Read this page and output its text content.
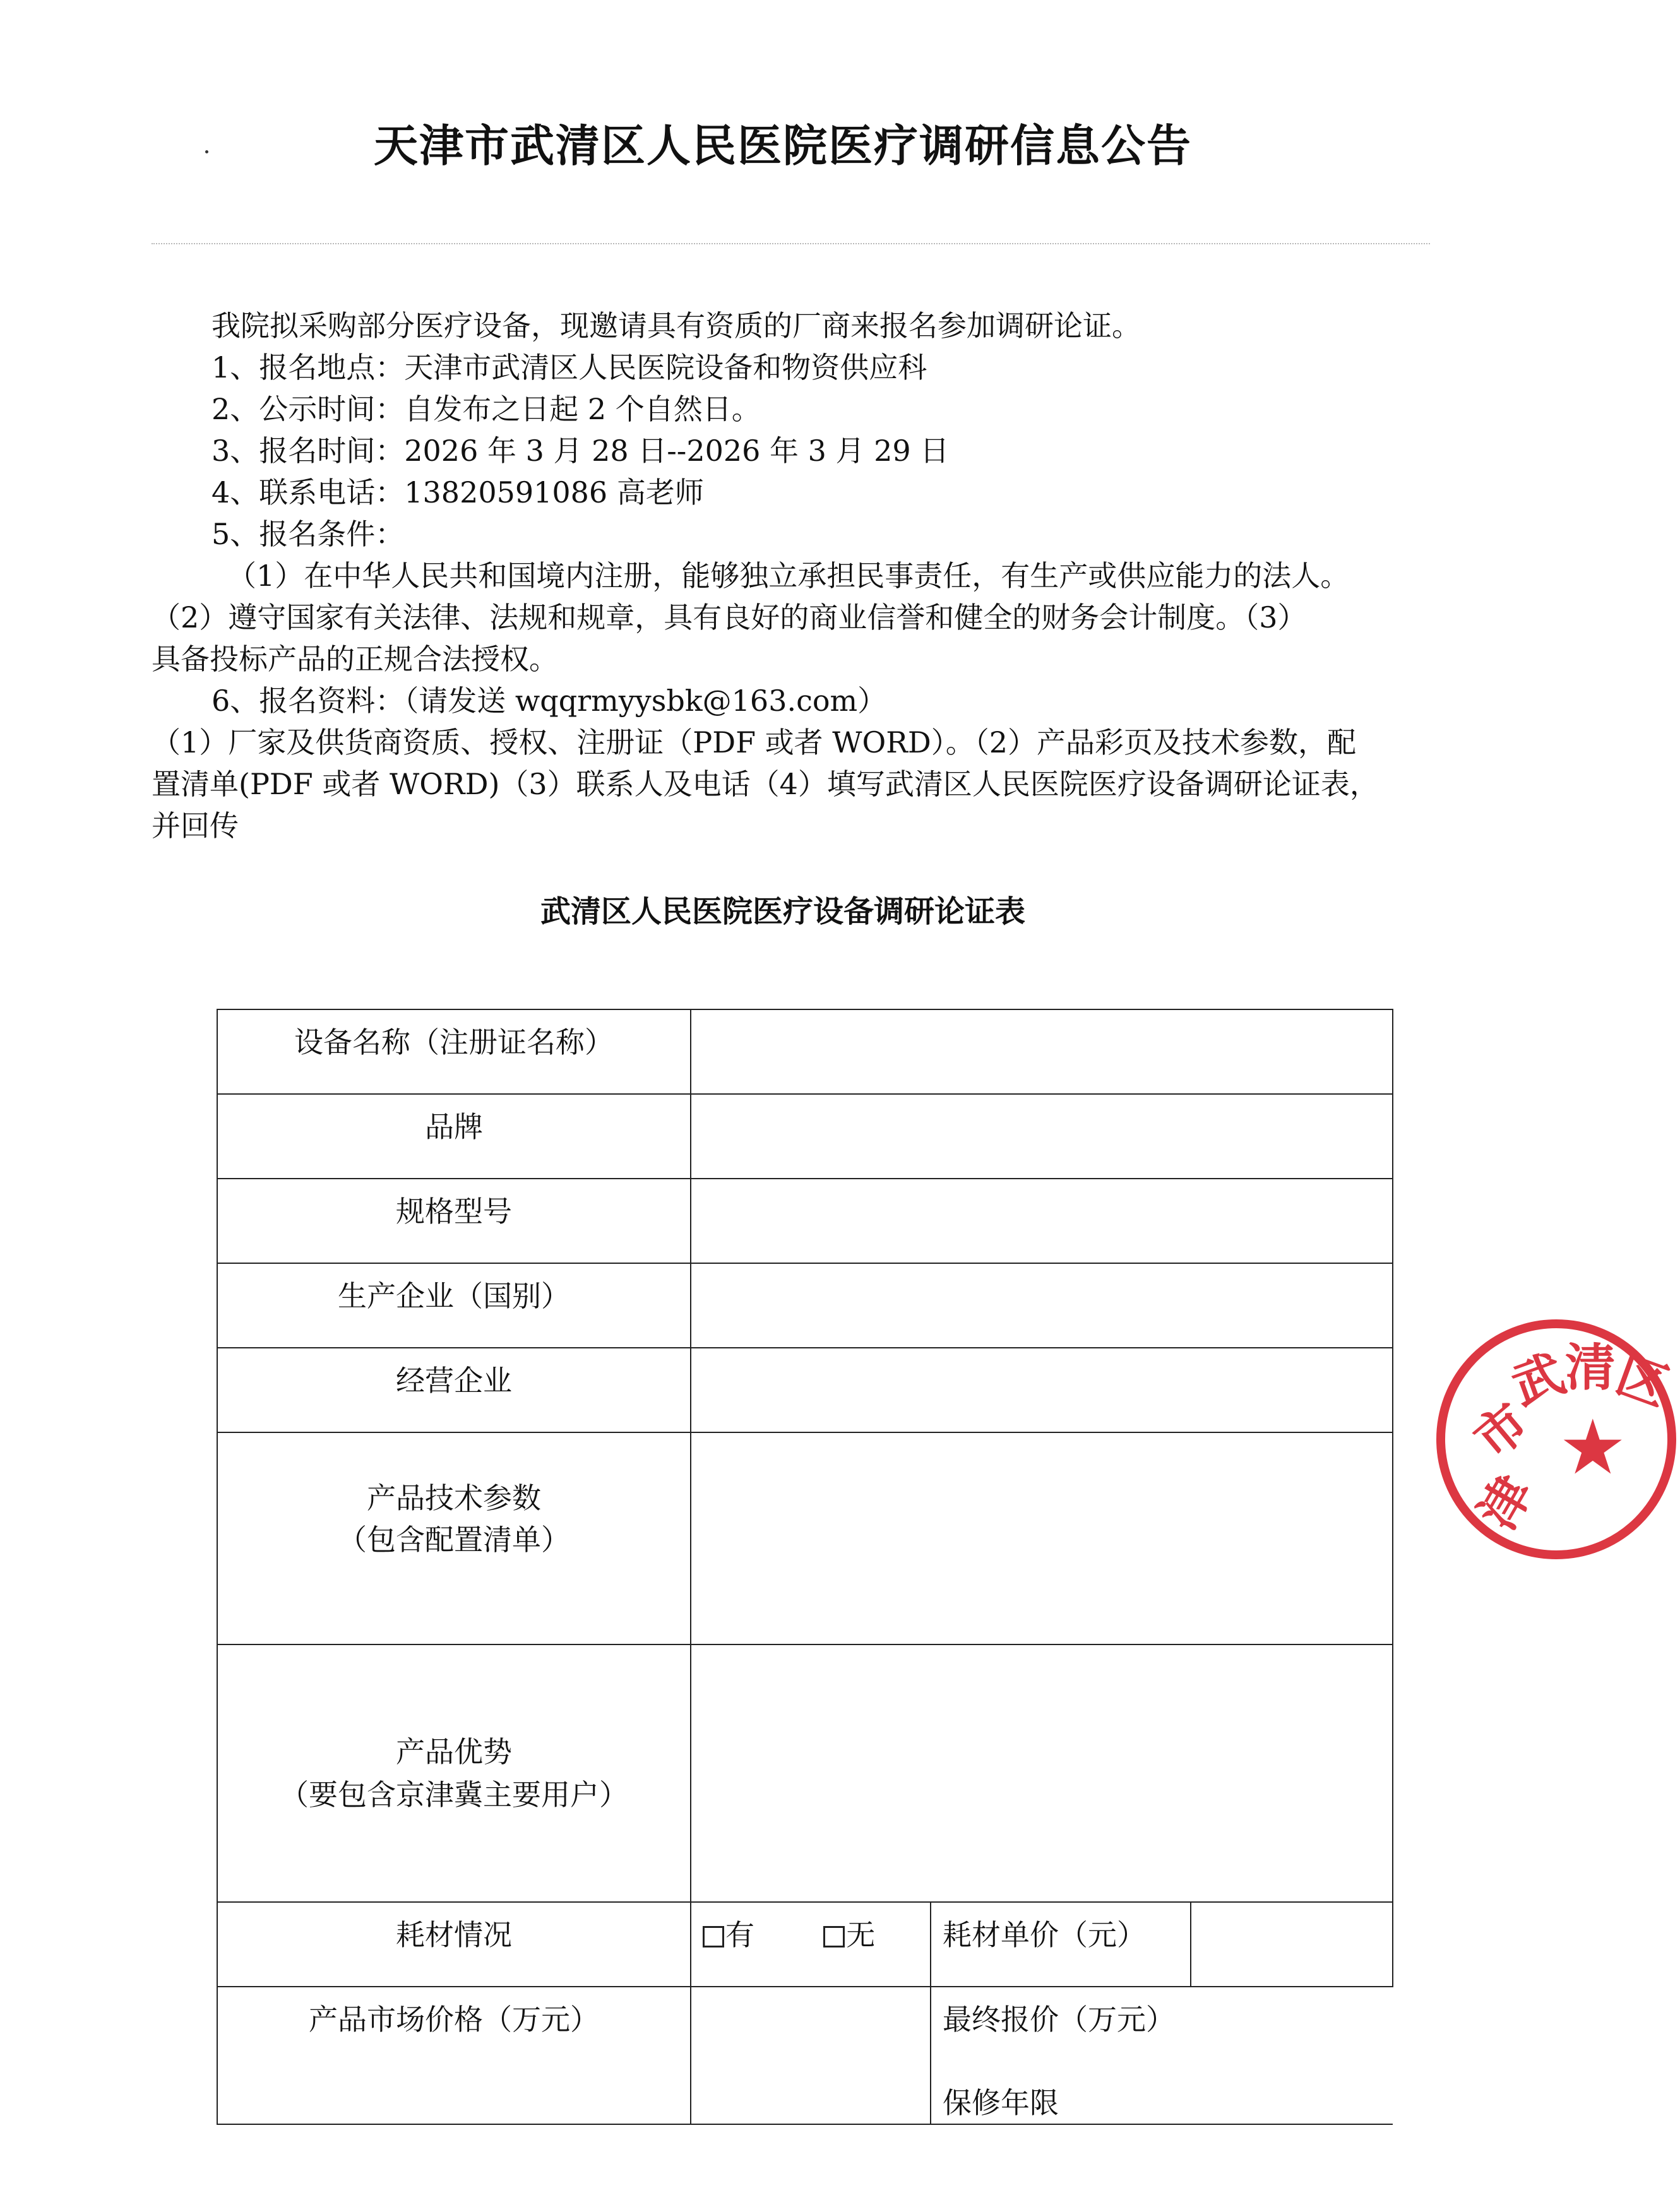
天津市武清区人民医院医疗调研信息公告
我院拟采购部分医疗设备，现邀请具有资质的厂商来报名参加调研论证。
1、报名地点：天津市武清区人民医院设备和物资供应科
2、公示时间：自发布之日起 2 个自然日。
3、报名时间：2026 年 3 月 28 日--2026 年 3 月 29 日
4、联系电话：13820591086 高老师
5、报名条件：
（1）在中华人民共和国境内注册，能够独立承担民事责任，有生产或供应能力的法人。
（2）遵守国家有关法律、法规和规章，具有良好的商业信誉和健全的财务会计制度。（3）
具备投标产品的正规合法授权。
6、报名资料：（请发送 wqqrmyysbk@163.com）
（1）厂家及供货商资质、授权、注册证（PDF 或者 WORD）。（2）产品彩页及技术参数，配
置清单(PDF 或者 WORD)（3）联系人及电话（4）填写武清区人民医院医疗设备调研论证表，
并回传
武清区人民医院医疗设备调研论证表
设备名称（注册证名称）			
品牌			
规格型号			
生产企业（国别）			
经营企业			

产品技术参数
（包含配置清单）			

产品优势
（要包含京津冀主要用户）			

耗材情况	有 无	耗材单价（元）	
产品市场价格（万元）		最终报价（万元）
保修年限	
津
市
武
清
区
★
